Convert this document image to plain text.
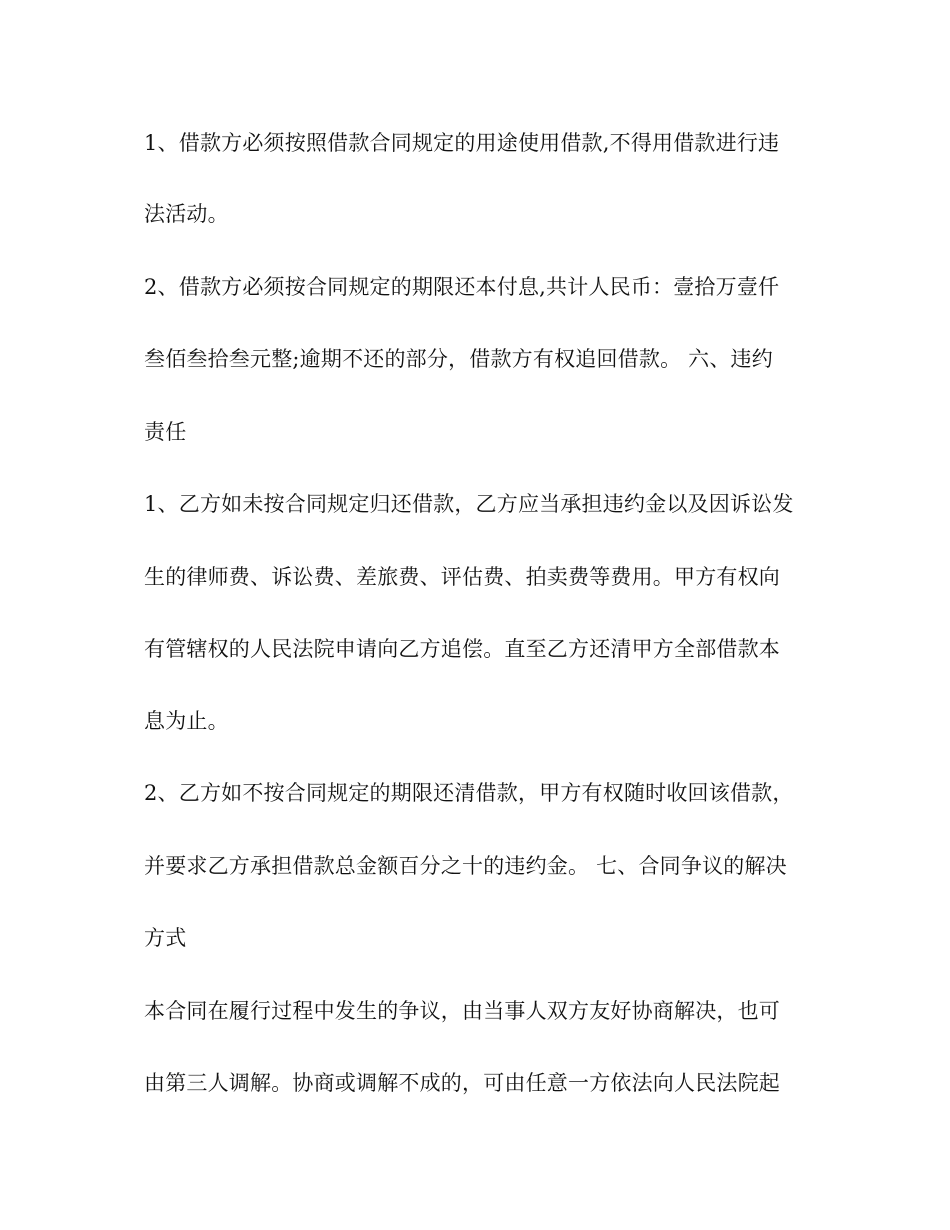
1、借款方必须按照借款合同规定的用途使用借款,不得用借款进行违
法活动。
2、借款方必须按合同规定的期限还本付息,共计人民币：壹拾万壹仟
叁佰叁拾叁元整;逾期不还的部分，借款方有权追回借款。 六、违约
责任
1、乙方如未按合同规定归还借款，乙方应当承担违约金以及因诉讼发
生的律师费、诉讼费、差旅费、评估费、拍卖费等费用。甲方有权向
有管辖权的人民法院申请向乙方追偿。直至乙方还清甲方全部借款本
息为止。
2、乙方如不按合同规定的期限还清借款，甲方有权随时收回该借款，
并要求乙方承担借款总金额百分之十的违约金。 七、合同争议的解决
方式
本合同在履行过程中发生的争议，由当事人双方友好协商解决，也可
由第三人调解。协商或调解不成的，可由任意一方依法向人民法院起
